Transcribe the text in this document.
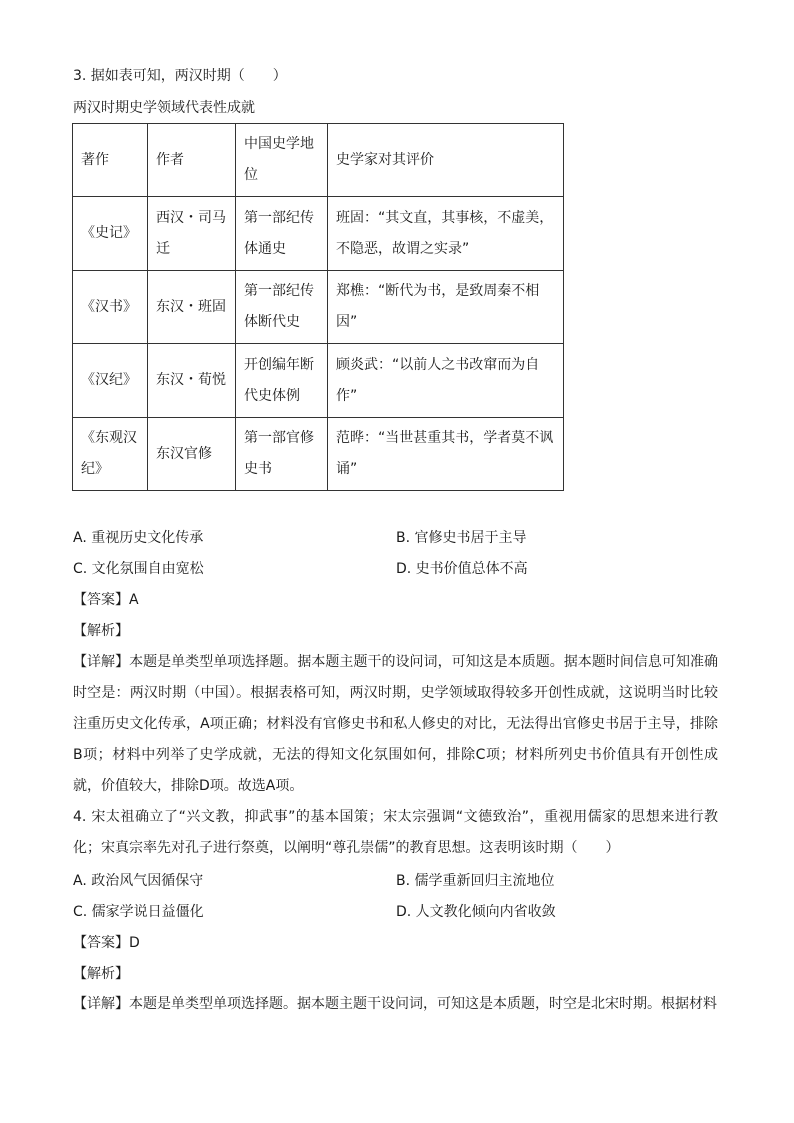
3. 据如表可知，两汉时期（　　）
两汉时期史学领域代表性成就
著作	作者	中国史学地位	史学家对其评价
《史记》	西汉・司马迁	第一部纪传体通史	班固：“其文直，其事核，不虚美，不隐恶，故谓之实录”
《汉书》	东汉・班固	第一部纪传体断代史	郑樵：“断代为书，是致周秦不相因”
《汉纪》	东汉・荀悦	开创编年断代史体例	顾炎武：“以前人之书改窜而为自作”
《东观汉纪》	东汉官修	第一部官修史书	范晔：“当世甚重其书，学者莫不讽诵”
A. 重视历史文化传承	B. 官修史书居于主导
C. 文化氛围自由宽松	D. 史书价值总体不高
【答案】A
【解析】
【详解】本题是单类型单项选择题。据本题主题干的设问词，可知这是本质题。据本题时间信息可知准确时空是：两汉时期（中国）。根据表格可知，两汉时期，史学领域取得较多开创性成就，这说明当时比较注重历史文化传承，A项正确；材料没有官修史书和私人修史的对比，无法得出官修史书居于主导，排除B项；材料中列举了史学成就，无法的得知文化氛围如何，排除C项；材料所列史书价值具有开创性成就，价值较大，排除D项。故选A项。
4. 宋太祖确立了“兴文教，抑武事”的基本国策；宋太宗强调“文德致治”，重视用儒家的思想来进行教化；宋真宗率先对孔子进行祭奠，以阐明“尊孔崇儒”的教育思想。这表明该时期（　　）
A. 政治风气因循保守	B. 儒学重新回归主流地位
C. 儒家学说日益僵化	D. 人文教化倾向内省收敛
【答案】D
【解析】
【详解】本题是单类型单项选择题。据本题主题干设问词，可知这是本质题，时空是北宋时期。根据材料
